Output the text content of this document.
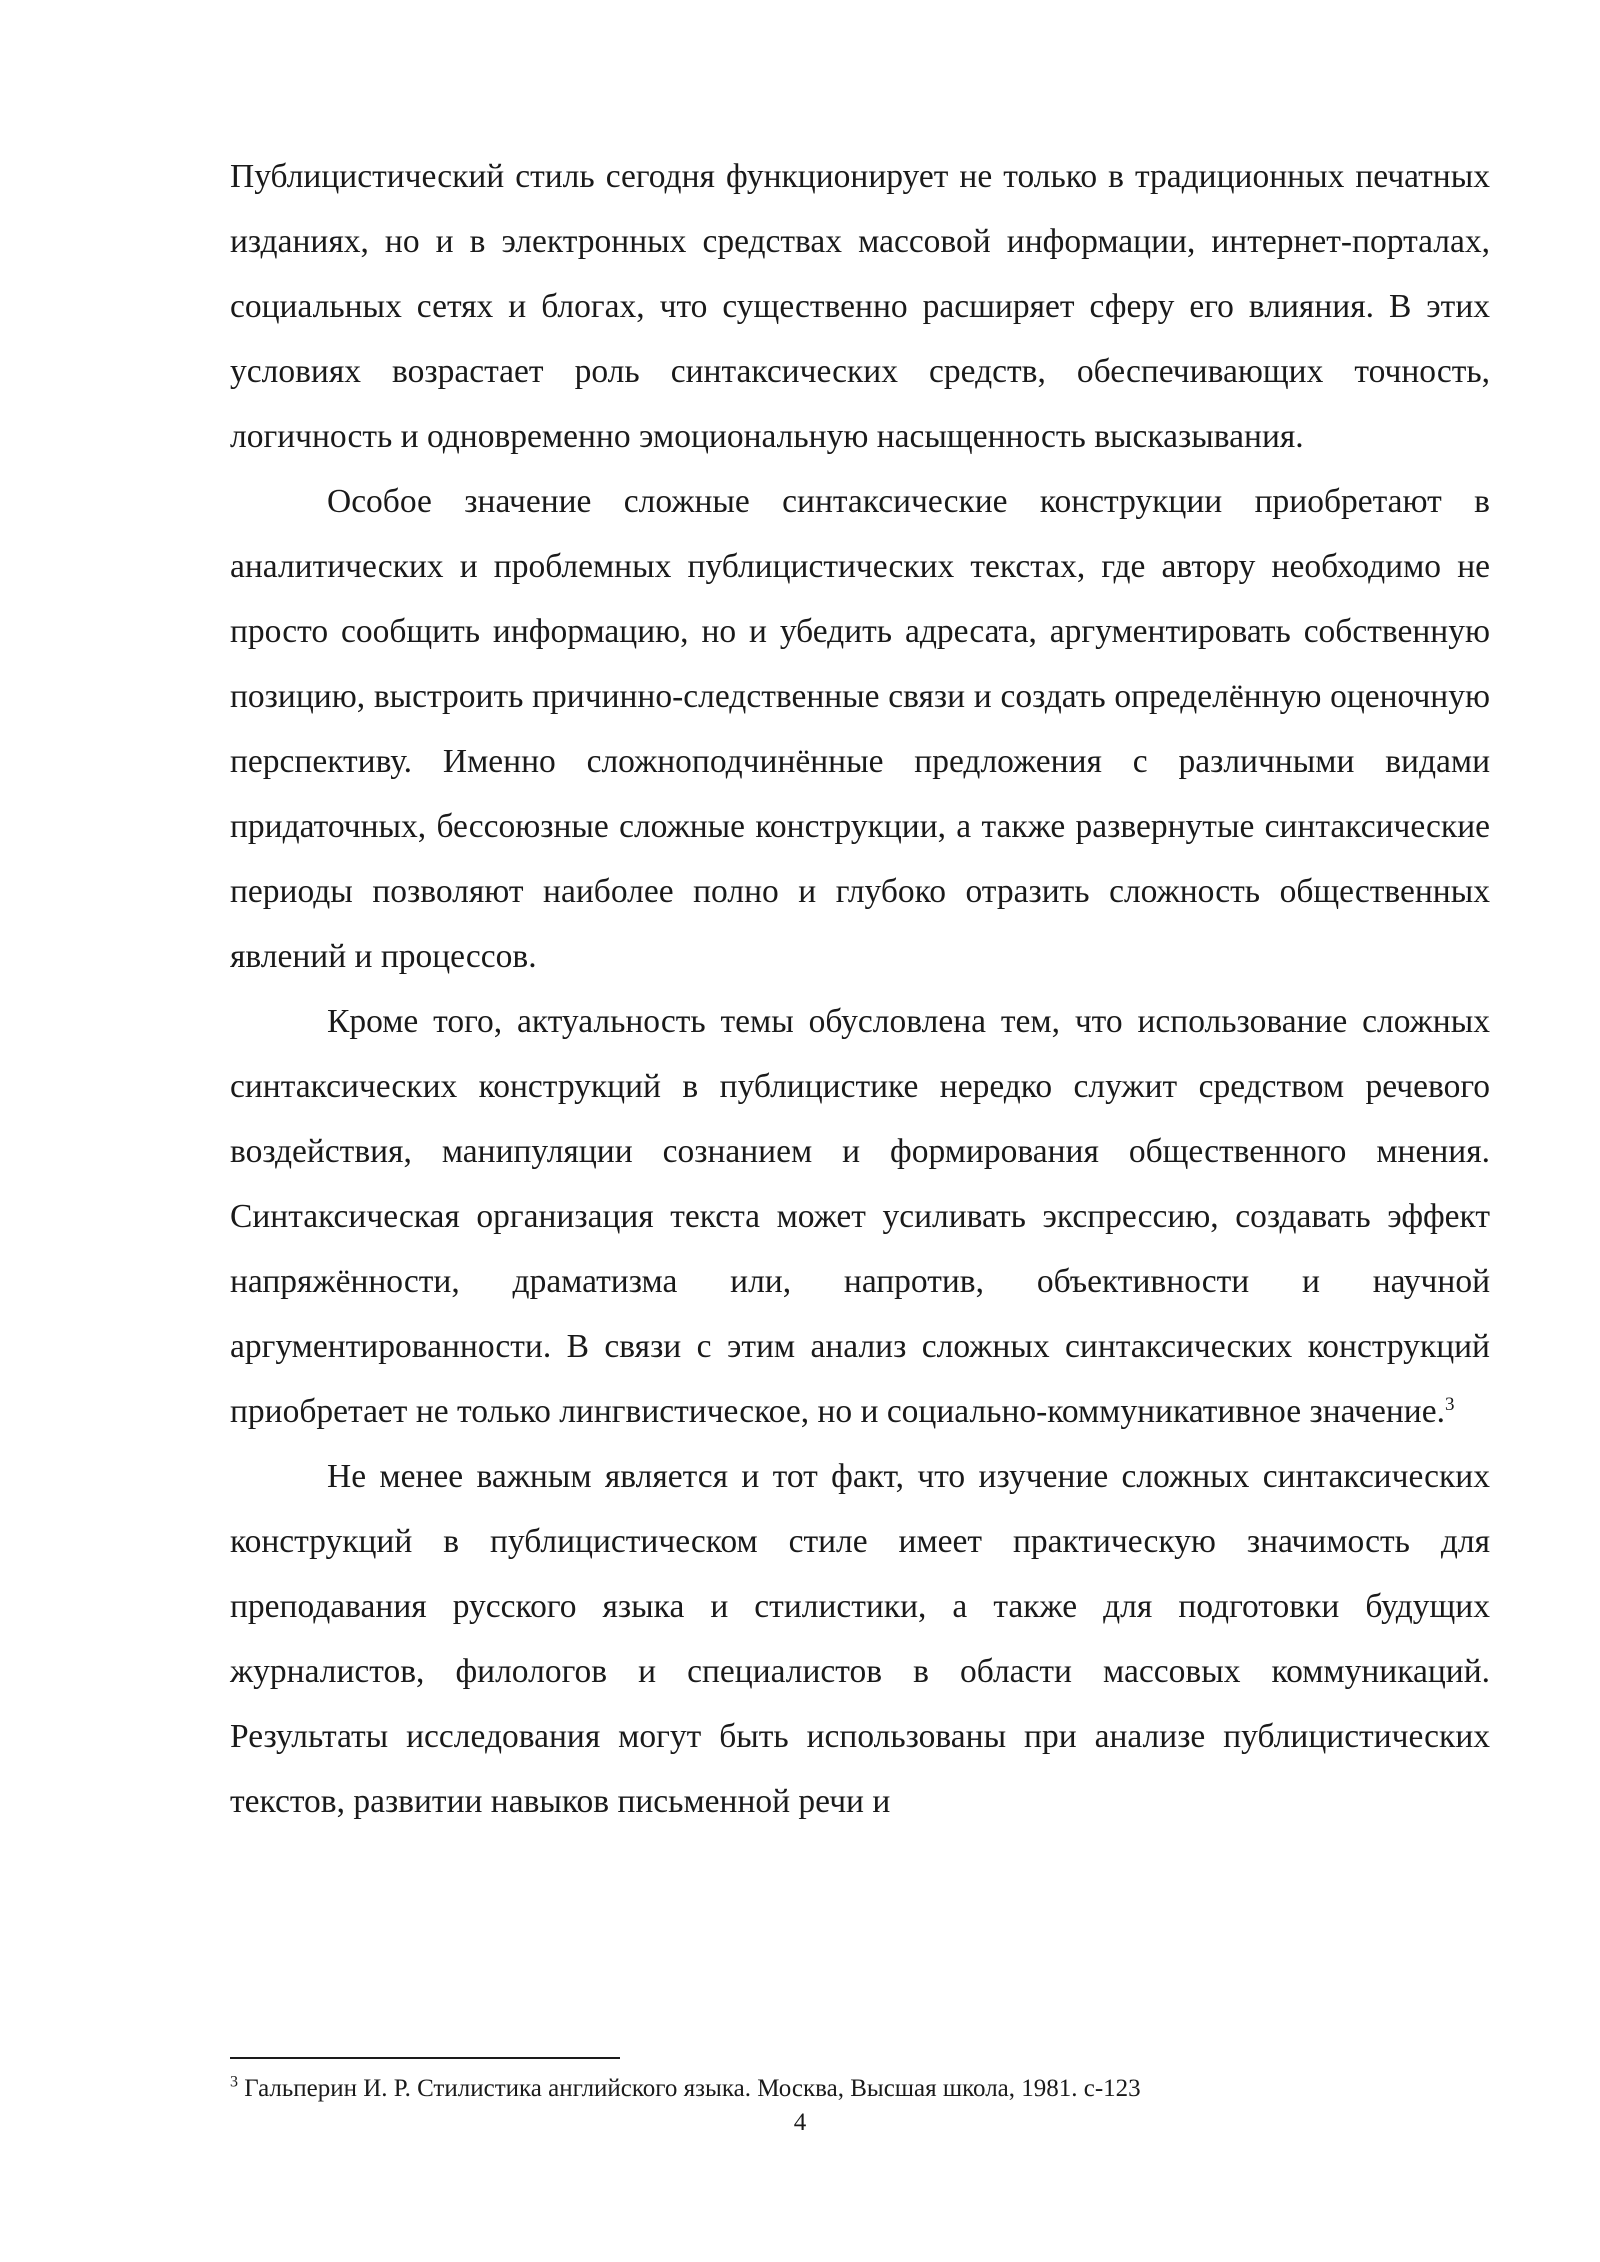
Публицистический стиль сегодня функционирует не только в традиционных печатных изданиях, но и в электронных средствах массовой информации, интернет-порталах, социальных сетях и блогах, что существенно расширяет сферу его влияния. В этих условиях возрастает роль синтаксических средств, обеспечивающих точность, логичность и одновременно эмоциональную насыщенность высказывания.

Особое значение сложные синтаксические конструкции приобретают в аналитических и проблемных публицистических текстах, где автору необходимо не просто сообщить информацию, но и убедить адресата, аргументировать собственную позицию, выстроить причинно-следственные связи и создать определённую оценочную перспективу. Именно сложноподчинённые предложения с различными видами придаточных, бессоюзные сложные конструкции, а также развернутые синтаксические периоды позволяют наиболее полно и глубоко отразить сложность общественных явлений и процессов.

Кроме того, актуальность темы обусловлена тем, что использование сложных синтаксических конструкций в публицистике нередко служит средством речевого воздействия, манипуляции сознанием и формирования общественного мнения. Синтаксическая организация текста может усиливать экспрессию, создавать эффект напряжённости, драматизма или, напротив, объективности и научной аргументированности. В связи с этим анализ сложных синтаксических конструкций приобретает не только лингвистическое, но и социально-коммуникативное значение.$^3$

Не менее важным является и тот факт, что изучение сложных синтаксических конструкций в публицистическом стиле имеет практическую значимость для преподавания русского языка и стилистики, а также для подготовки будущих журналистов, филологов и специалистов в области массовых коммуникаций. Результаты исследования могут быть использованы при анализе публицистических текстов, развитии навыков письменной речи и

$^3$ Гальперин И. Р. Стилистика английского языка. Москва, Высшая школа, 1981. с-123
4
